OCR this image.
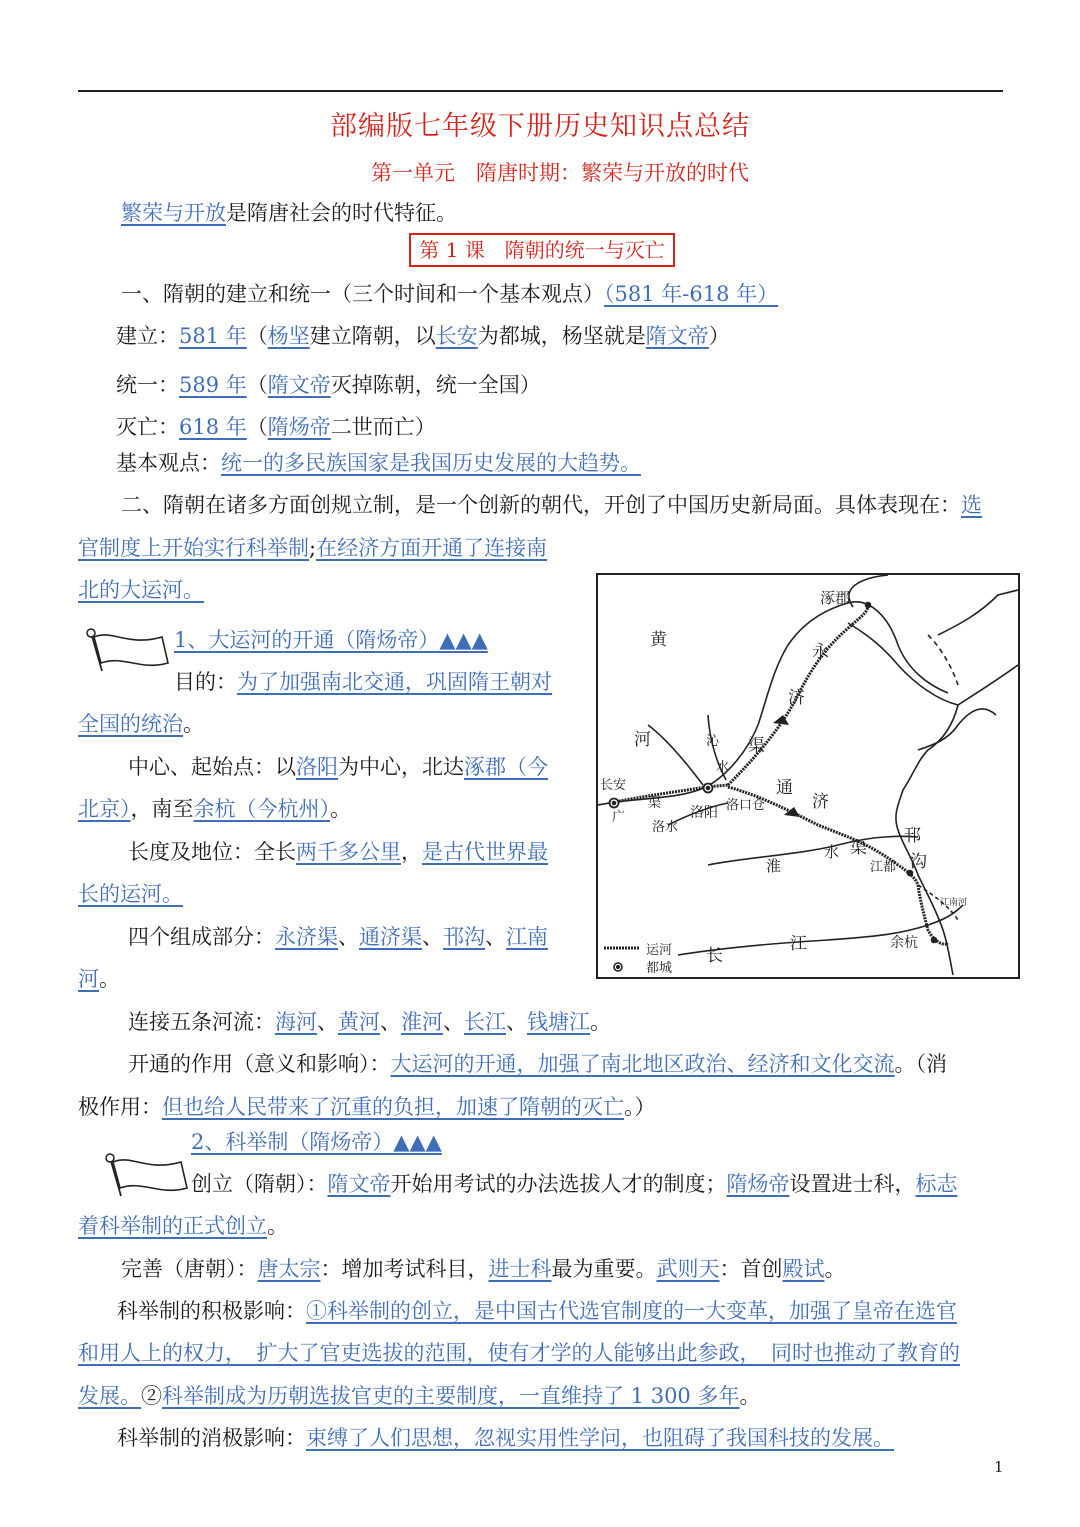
部编版七年级下册历史知识点总结
第一单元　隋唐时期：繁荣与开放的时代
繁荣与开放是隋唐社会的时代特征。
第 1 课　隋朝的统一与灭亡
一、隋朝的建立和统一（三个时间和一个基本观点）（581 年-618 年）
建立：581 年（杨坚建立隋朝，以长安为都城，杨坚就是隋文帝）
统一：589 年（隋文帝灭掉陈朝，统一全国）
灭亡：618 年（隋炀帝二世而亡）
基本观点：统一的多民族国家是我国历史发展的大趋势。
二、隋朝在诸多方面创规立制，是一个创新的朝代，开创了中国历史新局面。具体表现在：选
官制度上开始实行科举制;在经济方面开通了连接南
北的大运河。
1、大运河的开通（隋炀帝）▲▲▲
目的：为了加强南北交通，巩固隋王朝对
全国的统治。
中心、起始点：以洛阳为中心，北达涿郡（今
北京），南至余杭（今杭州）。
长度及地位：全长两千多公里，是古代世界最
长的运河。
四个组成部分：永济渠、通济渠、邗沟、江南
河。
连接五条河流：海河、黄河、淮河、长江、钱塘江。
开通的作用（意义和影响）：大运河的开通，加强了南北地区政治、经济和文化交流。（消
极作用：但也给人民带来了沉重的负担，加速了隋朝的灭亡。）
2、科举制（隋炀帝）▲▲▲
创立（隋朝）：隋文帝开始用考试的办法选拔人才的制度；隋炀帝设置进士科，标志
着科举制的正式创立。
完善（唐朝）：唐太宗：增加考试科目，进士科最为重要。武则天：首创殿试。
科举制的积极影响：①科举制的创立，是中国古代选官制度的一大变革，加强了皇帝在选官
和用人上的权力，　扩大了官吏选拔的范围，使有才学的人能够出此参政，　同时也推动了教育的
发展。②科举制成为历朝选拔官吏的主要制度，一直维持了 1 300 多年。
科举制的消极影响：束缚了人们思想，忽视实用性学问，也阻碍了我国科技的发展。
涿郡
黄
河
永
济
渠
沁
水
长安
广
渠
通
济
渠
洛阳 洛口仓
洛水
淮
水
邗
沟
江都
江南河
余杭
长
江
运河
都城
1
